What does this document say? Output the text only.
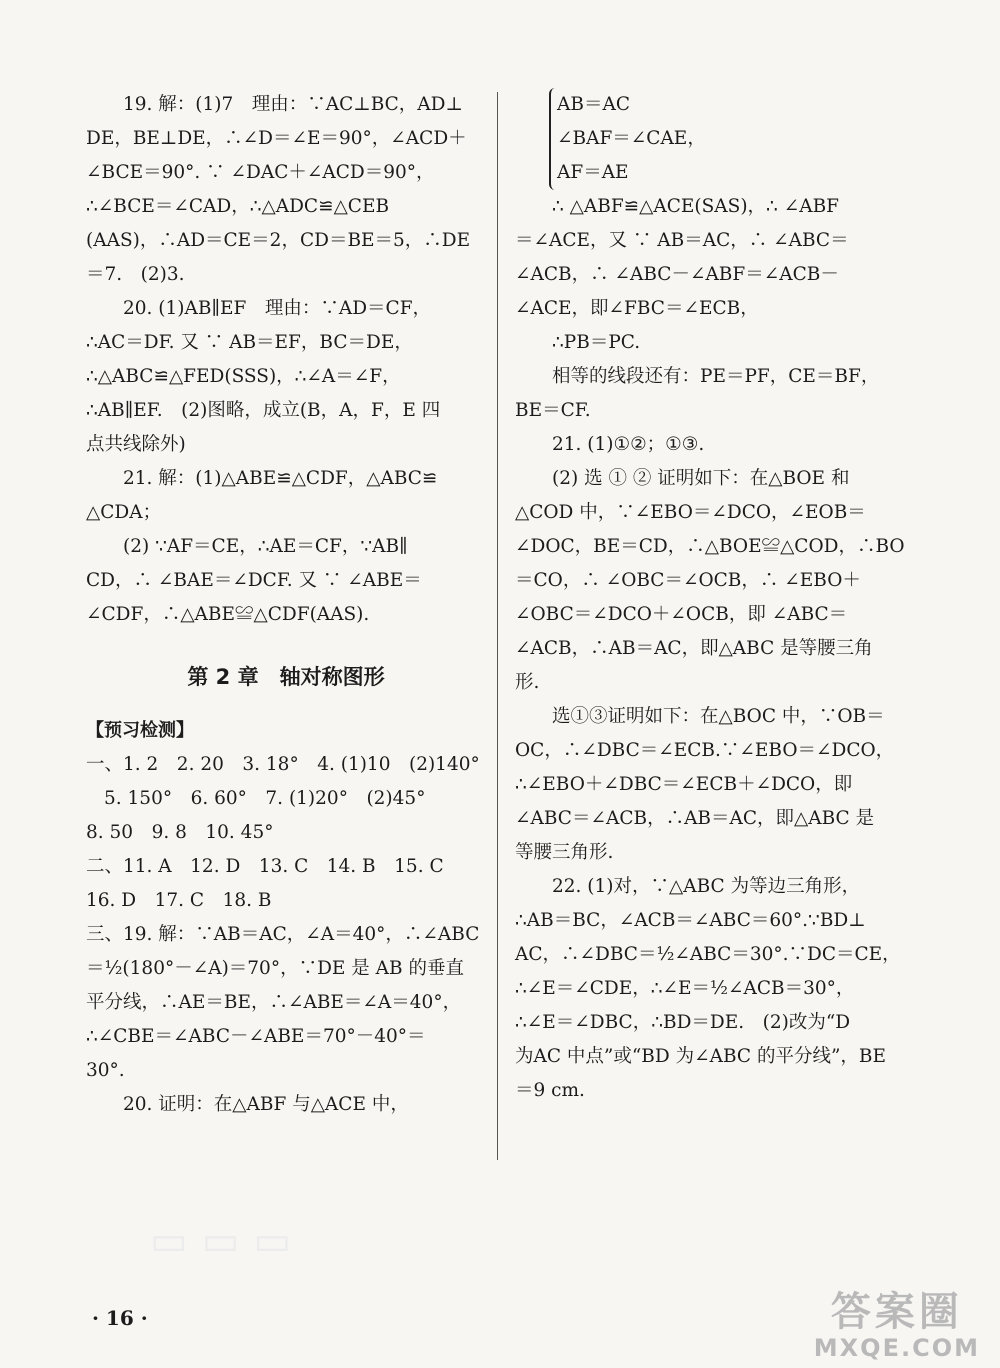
19. 解：(1)7　理由：∵AC⊥BC，AD⊥
DE，BE⊥DE，∴∠D＝∠E＝90°，∠ACD＋
∠BCE＝90°. ∵ ∠DAC＋∠ACD＝90°，
∴∠BCE＝∠CAD，∴△ADC≌△CEB
(AAS)，∴AD＝CE＝2，CD＝BE＝5，∴DE
＝7.　(2)3.
20. (1)AB∥EF　理由：∵AD＝CF，
∴AC＝DF. 又 ∵ AB＝EF，BC＝DE，
∴△ABC≌△FED(SSS)，∴∠A＝∠F，
∴AB∥EF.　(2)图略，成立(B，A，F，E 四
点共线除外)
21. 解：(1)△ABE≌△CDF，△ABC≌
△CDA；
(2) ∵AF＝CE，∴AE＝CF，∵AB∥
CD，∴ ∠BAE＝∠DCF. 又 ∵ ∠ABE＝
∠CDF，∴△ABE≌△CDF(AAS).
第 2 章　轴对称图形
【预习检测】
一、1. 2　2. 20　3. 18°　4. (1)10　(2)140°
5. 150°　6. 60°　7. (1)20°　(2)45°
8. 50　9. 8　10. 45°
二、11. A　12. D　13. C　14. B　15. C
16. D　17. C　18. B
三、19. 解：∵AB＝AC，∠A＝40°，∴∠ABC
＝½(180°－∠A)＝70°，∵DE 是 AB 的垂直
平分线，∴AE＝BE，∴∠ABE＝∠A＝40°，
∴∠CBE＝∠ABC－∠ABE＝70°－40°＝
30°.
20. 证明：在△ABF 与△ACE 中，
AB＝AC
∠BAF＝∠CAE，
AF＝AE
∴ △ABF≌△ACE(SAS)，∴ ∠ABF
＝∠ACE，又 ∵ AB＝AC，∴ ∠ABC＝
∠ACB，∴ ∠ABC－∠ABF＝∠ACB－
∠ACE，即∠FBC＝∠ECB，
∴PB＝PC.
相等的线段还有：PE＝PF，CE＝BF，
BE＝CF.
21. (1)①②；①③.
(2) 选 ① ② 证明如下：在△BOE 和
△COD 中，∵∠EBO＝∠DCO，∠EOB＝
∠DOC，BE＝CD，∴△BOE≌△COD，∴BO
＝CO，∴ ∠OBC＝∠OCB，∴ ∠EBO＋
∠OBC＝∠DCO＋∠OCB，即 ∠ABC＝
∠ACB，∴AB＝AC，即△ABC 是等腰三角
形.
选①③证明如下：在△BOC 中，∵OB＝
OC，∴∠DBC＝∠ECB.∵∠EBO＝∠DCO，
∴∠EBO＋∠DBC＝∠ECB＋∠DCO，即
∠ABC＝∠ACB，∴AB＝AC，即△ABC 是
等腰三角形.
22. (1)对，∵△ABC 为等边三角形，
∴AB＝BC，∠ACB＝∠ABC＝60°.∵BD⊥
AC，∴∠DBC＝½∠ABC＝30°.∵DC＝CE，
∴∠E＝∠CDE，∴∠E＝½∠ACB＝30°，
∴∠E＝∠DBC，∴BD＝DE.　(2)改为“D
为AC 中点”或“BD 为∠ABC 的平分线”，BE
＝9 cm.
▭ ▭ ▭
· 16 ·	答案圈
MXQE.COM
